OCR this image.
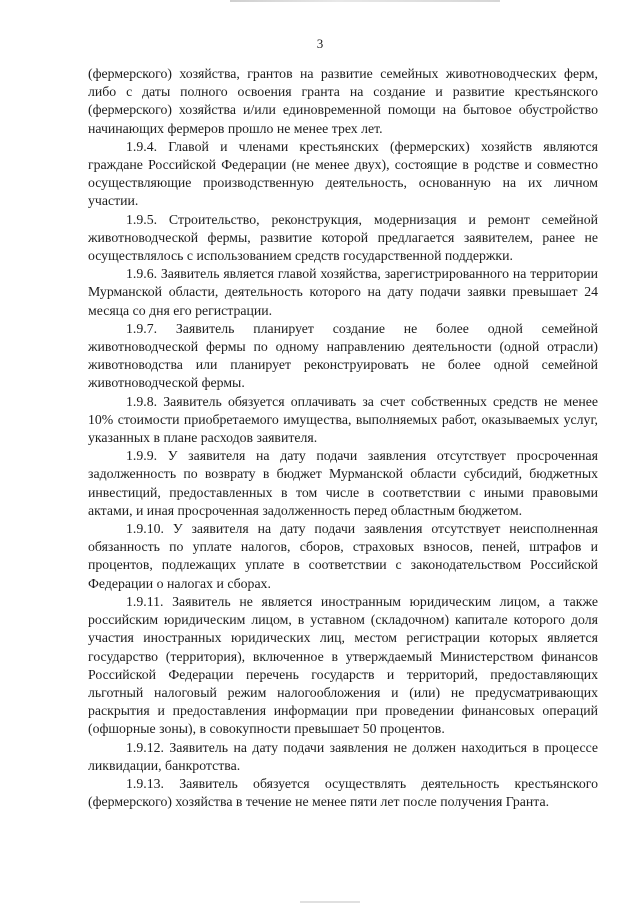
3

(фермерского) хозяйства, грантов на развитие семейных животноводческих ферм, либо с даты полного освоения гранта на создание и развитие крестьянского (фермерского) хозяйства и/или единовременной помощи на бытовое обустройство начинающих фермеров прошло не менее трех лет.

1.9.4. Главой и членами крестьянских (фермерских) хозяйств являются граждане Российской Федерации (не менее двух), состоящие в родстве и совместно осуществляющие производственную деятельность, основанную на их личном участии.

1.9.5. Строительство, реконструкция, модернизация и ремонт семейной животноводческой фермы, развитие которой предлагается заявителем, ранее не осуществлялось с использованием средств государственной поддержки.

1.9.6. Заявитель является главой хозяйства, зарегистрированного на территории Мурманской области, деятельность которого на дату подачи заявки превышает 24 месяца со дня его регистрации.

1.9.7. Заявитель планирует создание не более одной семейной животноводческой фермы по одному направлению деятельности (одной отрасли) животноводства или планирует реконструировать не более одной семейной животноводческой фермы.

1.9.8. Заявитель обязуется оплачивать за счет собственных средств не менее 10% стоимости приобретаемого имущества, выполняемых работ, оказываемых услуг, указанных в плане расходов заявителя.

1.9.9. У заявителя на дату подачи заявления отсутствует просроченная задолженность по возврату в бюджет Мурманской области субсидий, бюджетных инвестиций, предоставленных в том числе в соответствии с иными правовыми актами, и иная просроченная задолженность перед областным бюджетом.

1.9.10. У заявителя на дату подачи заявления отсутствует неисполненная обязанность по уплате налогов, сборов, страховых взносов, пеней, штрафов и процентов, подлежащих уплате в соответствии с законодательством Российской Федерации о налогах и сборах.

1.9.11. Заявитель не является иностранным юридическим лицом, а также российским юридическим лицом, в уставном (складочном) капитале которого доля участия иностранных юридических лиц, местом регистрации которых является государство (территория), включенное в утверждаемый Министерством финансов Российской Федерации перечень государств и территорий, предоставляющих льготный налоговый режим налогообложения и (или) не предусматривающих раскрытия и предоставления информации при проведении финансовых операций (офшорные зоны), в совокупности превышает 50 процентов.

1.9.12. Заявитель на дату подачи заявления не должен находиться в процессе ликвидации, банкротства.

1.9.13. Заявитель обязуется осуществлять деятельность крестьянского (фермерского) хозяйства в течение не менее пяти лет после получения Гранта.
